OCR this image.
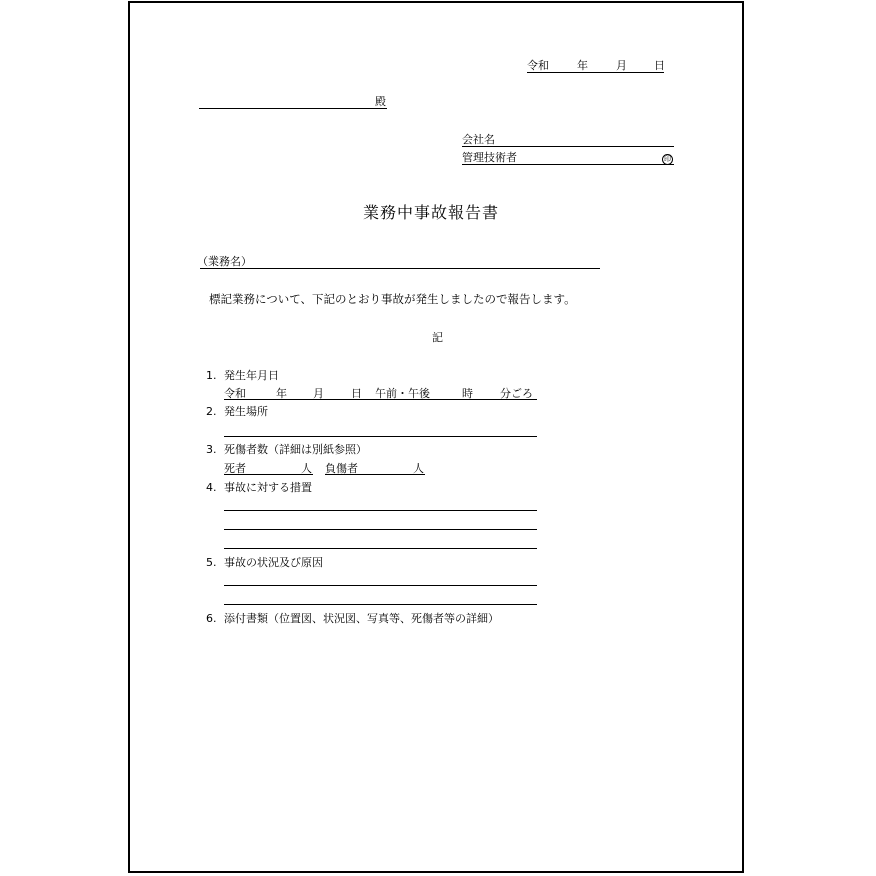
令和	年	月 日
殿
会社名
管理技術者	印
業務中事故報告書
（業務名）
標記業務について、下記のとおり事故が発生しましたので報告します。
記
1. 発生年月日
令和	年 月 日 午前・午後	時 分ごろ
2. 発生場所
3. 死傷者数（詳細は別紙参照）
死者	人 負傷者	人
4. 事故に対する措置
5. 事故の状況及び原因
6. 添付書類（位置図、状況図、写真等、死傷者等の詳細）
